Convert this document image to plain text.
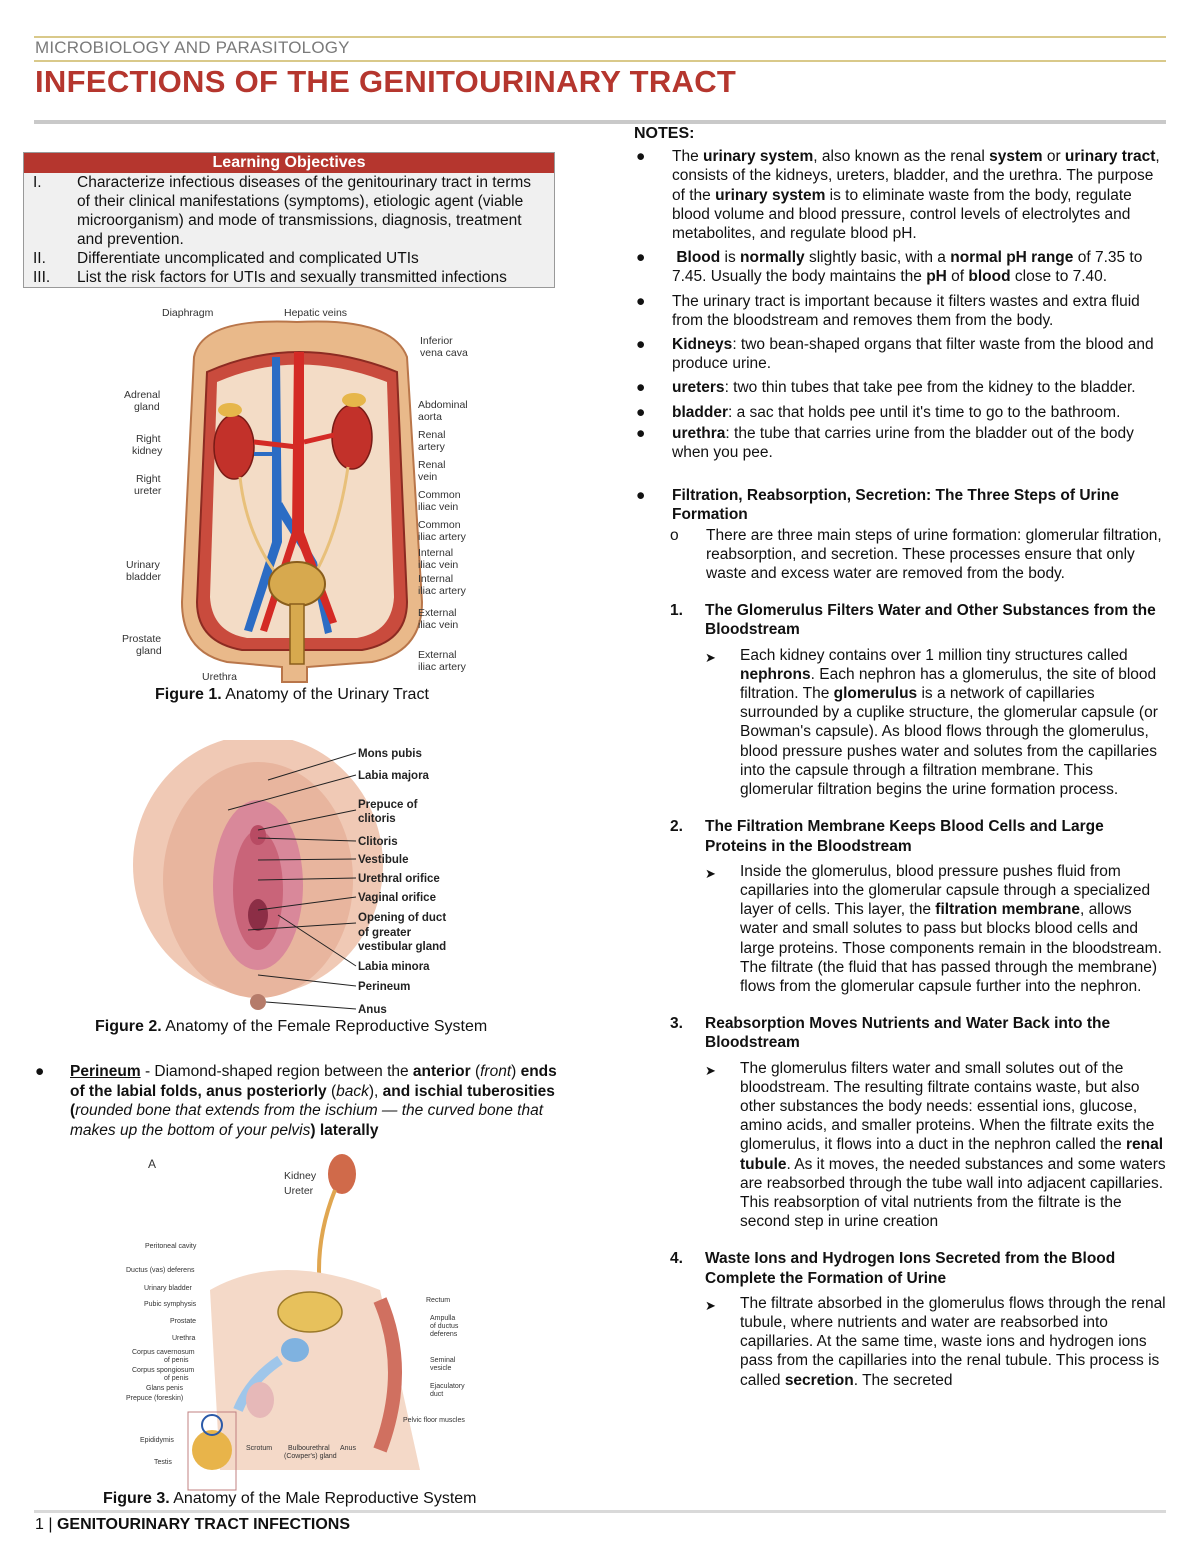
MICROBIOLOGY AND PARASITOLOGY
INFECTIONS OF THE GENITOURINARY TRACT
Learning Objectives
I.	Characterize infectious diseases of the genitourinary tract in terms of their clinical manifestations (symptoms), etiologic agent (viable microorganism) and mode of transmissions, diagnosis, treatment and prevention.
II.	Differentiate uncomplicated and complicated UTIs
III.	List the risk factors for UTIs and sexually transmitted infections
Diaphragm	Hepatic veins
Inferior
vena cava
Adrenal
gland
Right
kidney
Right
ureter
Urinary
bladder
Prostate
gland
Urethra
Abdominal
aorta
Renal
artery
Renal
vein
Common
iliac vein
Common
iliac artery
Internal
iliac vein
Internal
iliac artery
External
iliac vein
External
iliac artery
Figure 1. Anatomy of the Urinary Tract
Mons pubis
Labia majora
Prepuce of
clitoris
Clitoris
Vestibule
Urethral orifice
Vaginal orifice
Opening of duct
of greater
vestibular gland
Labia minora
Perineum
Anus
Figure 2. Anatomy of the Female Reproductive System
●	Perineum - Diamond-shaped region between the anterior (front) ends of the labial folds, anus posteriorly (back), and ischial tuberosities (rounded bone that extends from the ischium — the curved bone that makes up the bottom of your pelvis) laterally
A
Kidney
Ureter
Peritoneal cavity
Ductus (vas) deferens
Urinary bladder
Pubic symphysis
Prostate
Urethra
Corpus cavernosum
of penis
Corpus spongiosum
of penis
Glans penis
Prepuce (foreskin)
Epididymis
Testis
Scrotum Bulbourethral
(Cowper's) gland
Anus
Rectum
Ampulla
of ductus
deferens
Seminal
vesicle
Ejaculatory
duct
Pelvic floor muscles
Figure 3. Anatomy of the Male Reproductive System
NOTES:
●	The urinary system, also known as the renal system or urinary tract, consists of the kidneys, ureters, bladder, and the urethra. The purpose of the urinary system is to eliminate waste from the body, regulate blood volume and blood pressure, control levels of electrolytes and metabolites, and regulate blood pH.
●	Blood is normally slightly basic, with a normal pH range of 7.35 to 7.45. Usually the body maintains the pH of blood close to 7.40.
●	The urinary tract is important because it filters wastes and extra fluid from the bloodstream and removes them from the body.
●	Kidneys: two bean-shaped organs that filter waste from the blood and produce urine.
●	ureters: two thin tubes that take pee from the kidney to the bladder.
●	bladder: a sac that holds pee until it's time to go to the bathroom.
●	urethra: the tube that carries urine from the bladder out of the body when you pee.
●	Filtration, Reabsorption, Secretion: The Three Steps of Urine Formation
o	There are three main steps of urine formation: glomerular filtration, reabsorption, and secretion. These processes ensure that only waste and excess water are removed from the body.
1.	The Glomerulus Filters Water and Other Substances from the Bloodstream
➤	Each kidney contains over 1 million tiny structures called nephrons. Each nephron has a glomerulus, the site of blood filtration. The glomerulus is a network of capillaries surrounded by a cuplike structure, the glomerular capsule (or Bowman's capsule). As blood flows through the glomerulus, blood pressure pushes water and solutes from the capillaries into the capsule through a filtration membrane. This glomerular filtration begins the urine formation process.
2.	The Filtration Membrane Keeps Blood Cells and Large Proteins in the Bloodstream
➤	Inside the glomerulus, blood pressure pushes fluid from capillaries into the glomerular capsule through a specialized layer of cells. This layer, the filtration membrane, allows water and small solutes to pass but blocks blood cells and large proteins. Those components remain in the bloodstream. The filtrate (the fluid that has passed through the membrane) flows from the glomerular capsule further into the nephron.
3.	Reabsorption Moves Nutrients and Water Back into the Bloodstream
➤	The glomerulus filters water and small solutes out of the bloodstream. The resulting filtrate contains waste, but also other substances the body needs: essential ions, glucose, amino acids, and smaller proteins. When the filtrate exits the glomerulus, it flows into a duct in the nephron called the renal tubule. As it moves, the needed substances and some waters are reabsorbed through the tube wall into adjacent capillaries. This reabsorption of vital nutrients from the filtrate is the second step in urine creation
4.	Waste Ions and Hydrogen Ions Secreted from the Blood Complete the Formation of Urine
➤	The filtrate absorbed in the glomerulus flows through the renal tubule, where nutrients and water are reabsorbed into capillaries. At the same time, waste ions and hydrogen ions pass from the capillaries into the renal tubule. This process is called secretion. The secreted
1 | GENITOURINARY TRACT INFECTIONS
